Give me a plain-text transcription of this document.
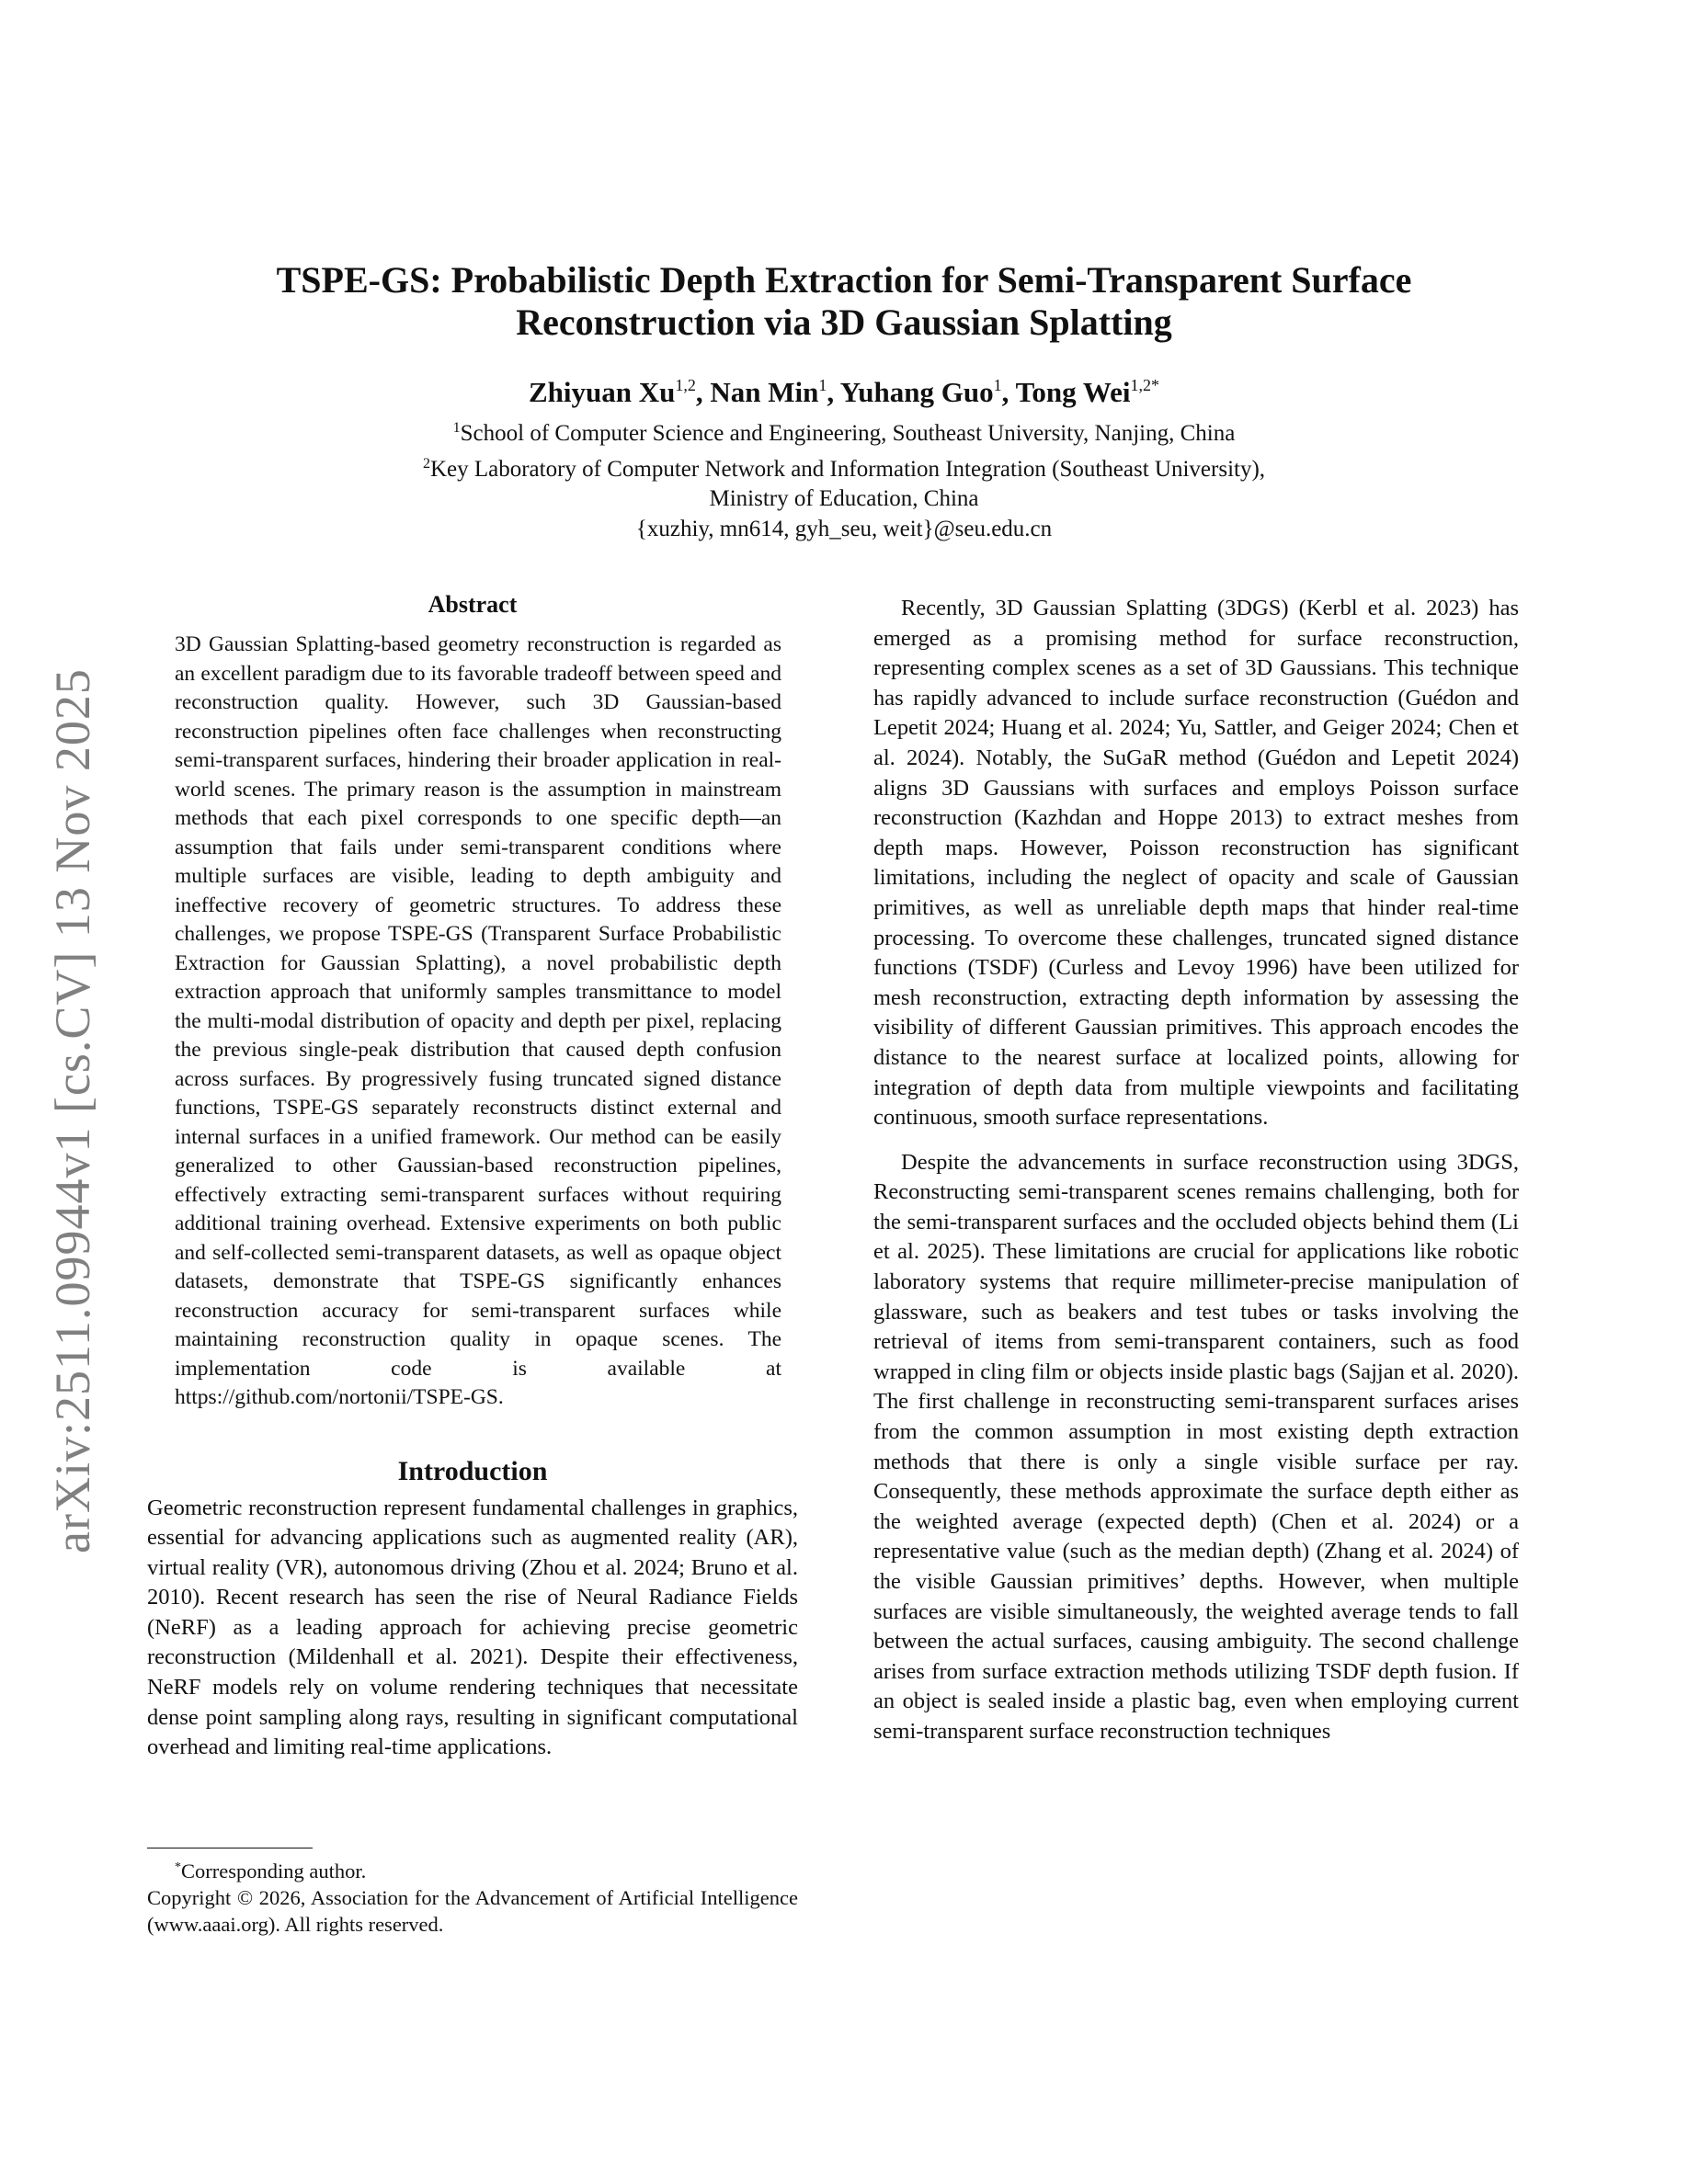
arXiv:2511.09944v1 [cs.CV] 13 Nov 2025
TSPE-GS: Probabilistic Depth Extraction for Semi-Transparent Surface
Reconstruction via 3D Gaussian Splatting
Zhiyuan Xu$^{1,2}$, Nan Min$^1$, Yuhang Guo$^1$, Tong Wei$^{1,2*}$
$^1$School of Computer Science and Engineering, Southeast University, Nanjing, China
$^2$Key Laboratory of Computer Network and Information Integration (Southeast University),
Ministry of Education, China
{xuzhiy, mn614, gyh_seu, weit}@seu.edu.cn
Abstract

3D Gaussian Splatting-based geometry reconstruction is regarded as an excellent paradigm due to its favorable tradeoff between speed and reconstruction quality. However, such 3D Gaussian-based reconstruction pipelines often face challenges when reconstructing semi-transparent surfaces, hindering their broader application in real-world scenes. The primary reason is the assumption in mainstream methods that each pixel corresponds to one specific depth—an assumption that fails under semi-transparent conditions where multiple surfaces are visible, leading to depth ambiguity and ineffective recovery of geometric structures. To address these challenges, we propose TSPE-GS (Transparent Surface Probabilistic Extraction for Gaussian Splatting), a novel probabilistic depth extraction approach that uniformly samples transmittance to model the multi-modal distribution of opacity and depth per pixel, replacing the previous single-peak distribution that caused depth confusion across surfaces. By progressively fusing truncated signed distance functions, TSPE-GS separately reconstructs distinct external and internal surfaces in a unified framework. Our method can be easily generalized to other Gaussian-based reconstruction pipelines, effectively extracting semi-transparent surfaces without requiring additional training overhead. Extensive experiments on both public and self-collected semi-transparent datasets, as well as opaque object datasets, demonstrate that TSPE-GS significantly enhances reconstruction accuracy for semi-transparent surfaces while maintaining reconstruction quality in opaque scenes. The implementation code is available at https://github.com/nortonii/TSPE-GS.

Introduction

Geometric reconstruction represent fundamental challenges in graphics, essential for advancing applications such as augmented reality (AR), virtual reality (VR), autonomous driving (Zhou et al. 2024; Bruno et al. 2010). Recent research has seen the rise of Neural Radiance Fields (NeRF) as a leading approach for achieving precise geometric reconstruction (Mildenhall et al. 2021). Despite their effectiveness, NeRF models rely on volume rendering techniques that necessitate dense point sampling along rays, resulting in significant computational overhead and limiting real-time applications.

*Corresponding author.
Copyright © 2026, Association for the Advancement of Artificial Intelligence (www.aaai.org). All rights reserved.

Recently, 3D Gaussian Splatting (3DGS) (Kerbl et al. 2023) has emerged as a promising method for surface reconstruction, representing complex scenes as a set of 3D Gaussians. This technique has rapidly advanced to include surface reconstruction (Guédon and Lepetit 2024; Huang et al. 2024; Yu, Sattler, and Geiger 2024; Chen et al. 2024). Notably, the SuGaR method (Guédon and Lepetit 2024) aligns 3D Gaussians with surfaces and employs Poisson surface reconstruction (Kazhdan and Hoppe 2013) to extract meshes from depth maps. However, Poisson reconstruction has significant limitations, including the neglect of opacity and scale of Gaussian primitives, as well as unreliable depth maps that hinder real-time processing. To overcome these challenges, truncated signed distance functions (TSDF) (Curless and Levoy 1996) have been utilized for mesh reconstruction, extracting depth information by assessing the visibility of different Gaussian primitives. This approach encodes the distance to the nearest surface at localized points, allowing for integration of depth data from multiple viewpoints and facilitating continuous, smooth surface representations.

Despite the advancements in surface reconstruction using 3DGS, Reconstructing semi-transparent scenes remains challenging, both for the semi-transparent surfaces and the occluded objects behind them (Li et al. 2025). These limitations are crucial for applications like robotic laboratory systems that require millimeter-precise manipulation of glassware, such as beakers and test tubes or tasks involving the retrieval of items from semi-transparent containers, such as food wrapped in cling film or objects inside plastic bags (Sajjan et al. 2020). The first challenge in reconstructing semi-transparent surfaces arises from the common assumption in most existing depth extraction methods that there is only a single visible surface per ray. Consequently, these methods approximate the surface depth either as the weighted average (expected depth) (Chen et al. 2024) or a representative value (such as the median depth) (Zhang et al. 2024) of the visible Gaussian primitives’ depths. However, when multiple surfaces are visible simultaneously, the weighted average tends to fall between the actual surfaces, causing ambiguity. The second challenge arises from surface extraction methods utilizing TSDF depth fusion. If an object is sealed inside a plastic bag, even when employing current semi-transparent surface reconstruction techniques
